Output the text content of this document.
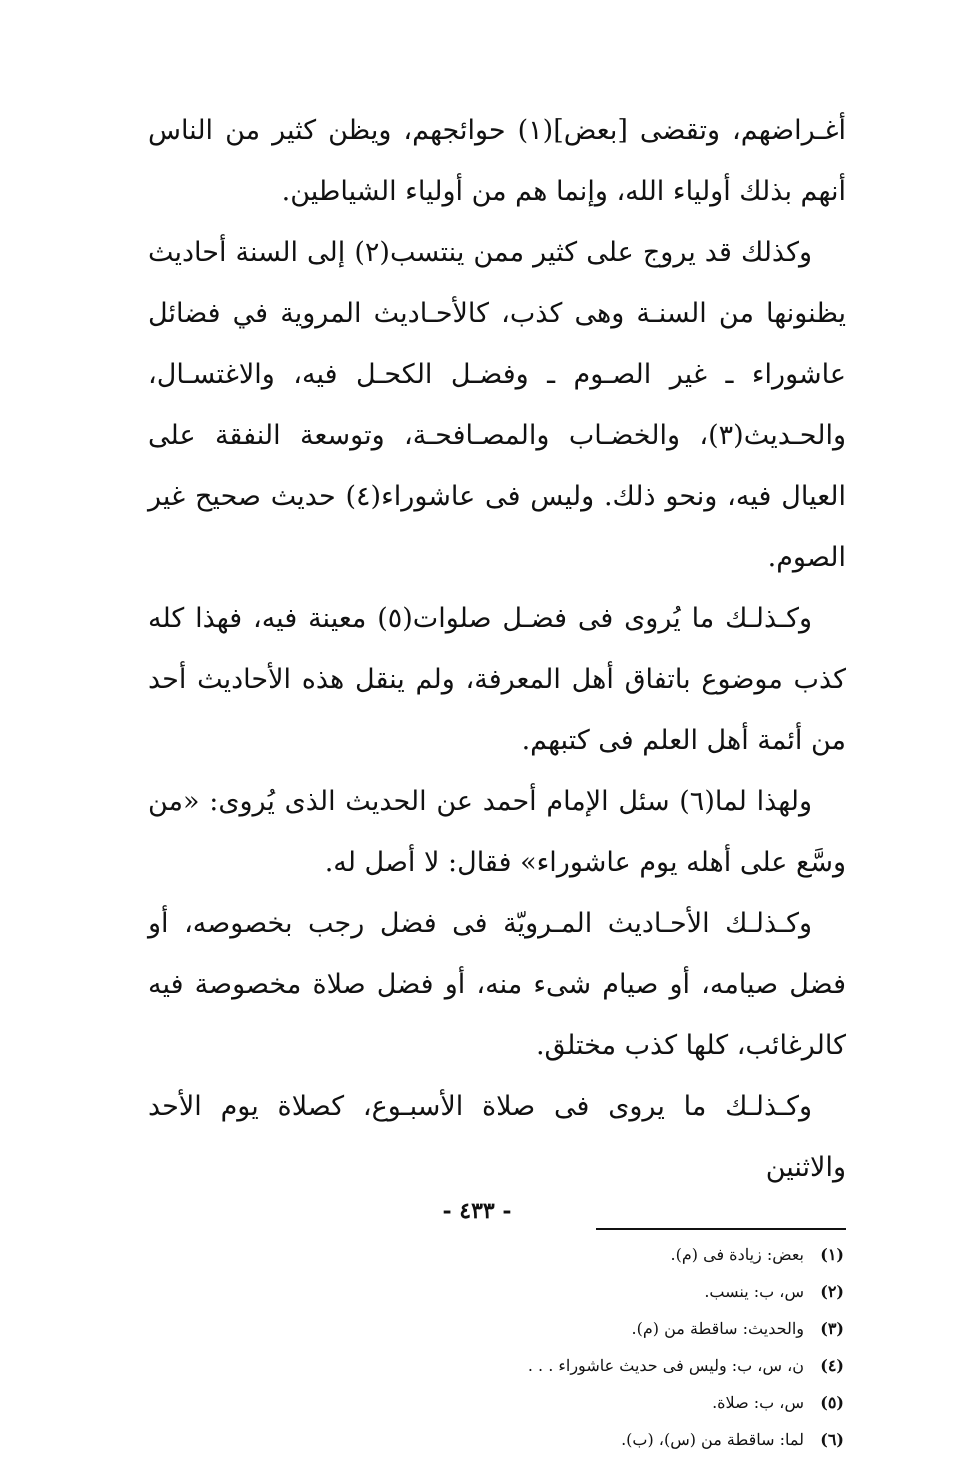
أغـراضهم، وتقضى [بعض](١) حوائجهم، ويظن كثير من الناس أنهم بذلك أولياء الله، وإنما هم من أولياء الشياطين.

وكذلك قد يروج على كثير ممن ينتسب(٢) إلى السنة أحاديث يظنونها من السنـة وهى كذب، كالأحـاديث المروية في فضائل عاشوراء ـ غير الصـوم ـ وفضـل الكحـل فيه، والاغتسـال، والحـديث(٣)، والخضـاب والمصـافحـة، وتوسعة النفقة على العيال فيه، ونحو ذلك. وليس فى عاشوراء(٤) حديث صحيح غير الصوم.

وكـذلـك ما يُروى فى فضـل صلوات(٥) معينة فيه، فهذا كله كذب موضوع باتفاق أهل المعرفة، ولم ينقل هذه الأحاديث أحد من أئمة أهل العلم فى كتبهم.

ولهذا لما(٦) سئل الإمام أحمد عن الحديث الذى يُروى: «من وسَّع على أهله يوم عاشوراء» فقال: لا أصل له.

وكـذلـك الأحـاديث المـرويّة فى فضل رجب بخصوصه، أو فضل صيامه، أو صيام شىء منه، أو فضل صلاة مخصوصة فيه كالرغائب، كلها كذب مختلق.

وكـذلـك ما يروى فى صلاة الأسبـوع، كصلاة يوم الأحد والاثنين

(١)
بعض: زيادة فى (م).
(٢)
س، ب: ينسب.
(٣)
والحديث: ساقطة من (م).
(٤)
ن، س، ب: وليس فى حديث عاشوراء . . .
(٥)
س، ب: صلاة.
(٦)
لما: ساقطة من (س)، (ب).
- ٤٣٣ -
